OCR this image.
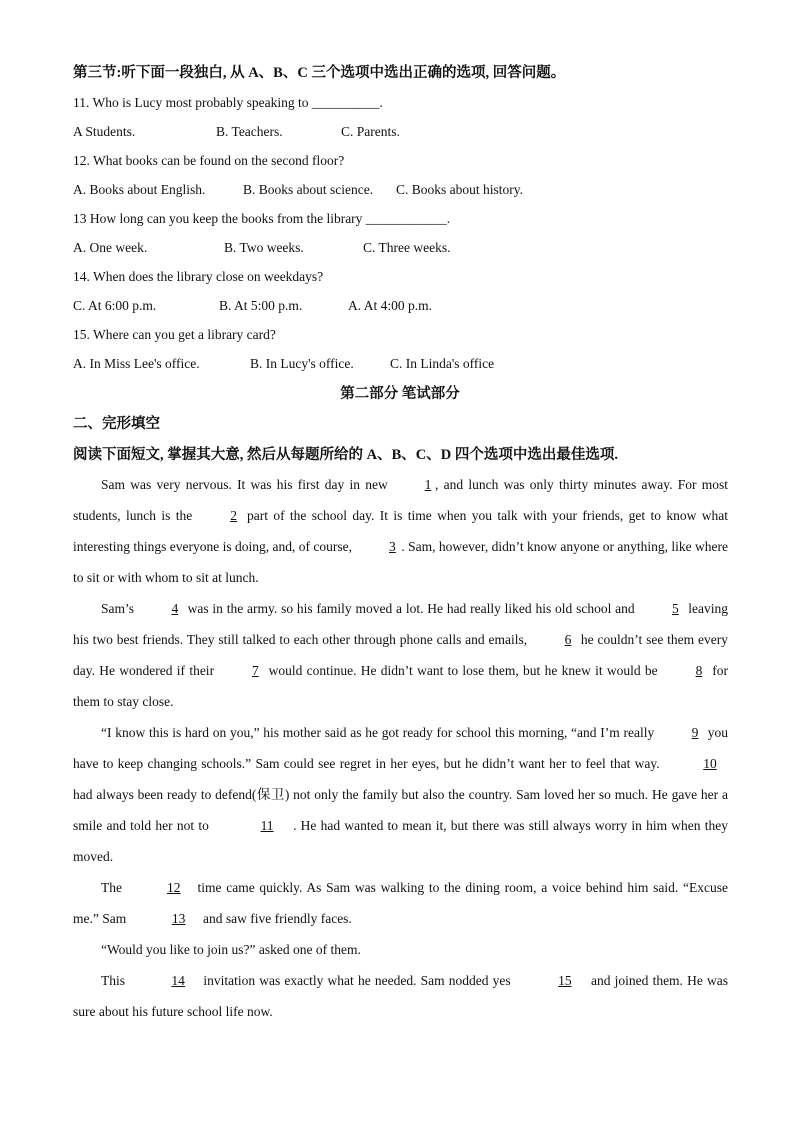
第三节:听下面一段独白, 从 A、B、C 三个选项中选出正确的选项, 回答问题。
11. Who is Lucy most probably speaking to __________.
A Students.	B. Teachers.	C. Parents.
12. What books can be found on the second floor?
A. Books about English.	B. Books about science. C. Books about history.
13 How long can you keep the books from the library ____________.
A. One week.	B. Two weeks.	C. Three weeks.
14. When does the library close on weekdays?
C. At 6:00 p.m.	B. At 5:00 p.m.	A. At 4:00 p.m.
15. Where can you get a library card?
A. In Miss Lee's office.	B. In Lucy's office.	C. In Linda's office
第二部分 笔试部分
二、完形填空
阅读下面短文, 掌握其大意, 然后从每题所给的 A、B、C、D 四个选项中选出最佳选项.

Sam was very nervous. It was his first day in new 1 , and lunch was only thirty minutes away. For most students, lunch is the 2 part of the school day. It is time when you talk with your friends, get to know what interesting things everyone is doing, and, of course, 3 . Sam, however, didn’t know anyone or anything, like where to sit or with whom to sit at lunch.

Sam’s 4 was in the army. so his family moved a lot. He had really liked his old school and 5 leaving his two best friends. They still talked to each other through phone calls and emails, 6 he couldn’t see them every day. He wondered if their 7 would continue. He didn’t want to lose them, but he knew it would be 8 for them to stay close.

“I know this is hard on you,” his mother said as he got ready for school this morning, “and I’m really 9 you have to keep changing schools.” Sam could see regret in her eyes, but he didn’t want her to feel that way.	10 had always been ready to defend(保卫) not only the family but also the country. Sam loved her so much. He gave her a smile and told her not to	11 . He had wanted to mean it, but there was still always worry in him when they moved.

The	12 time came quickly. As Sam was walking to the dining room, a voice behind him said. “Excuse me.” Sam	13 and saw five friendly faces.

“Would you like to join us?” asked one of them.

This	14 invitation was exactly what he needed. Sam nodded yes	15 and joined them. He was sure about his future school life now.
